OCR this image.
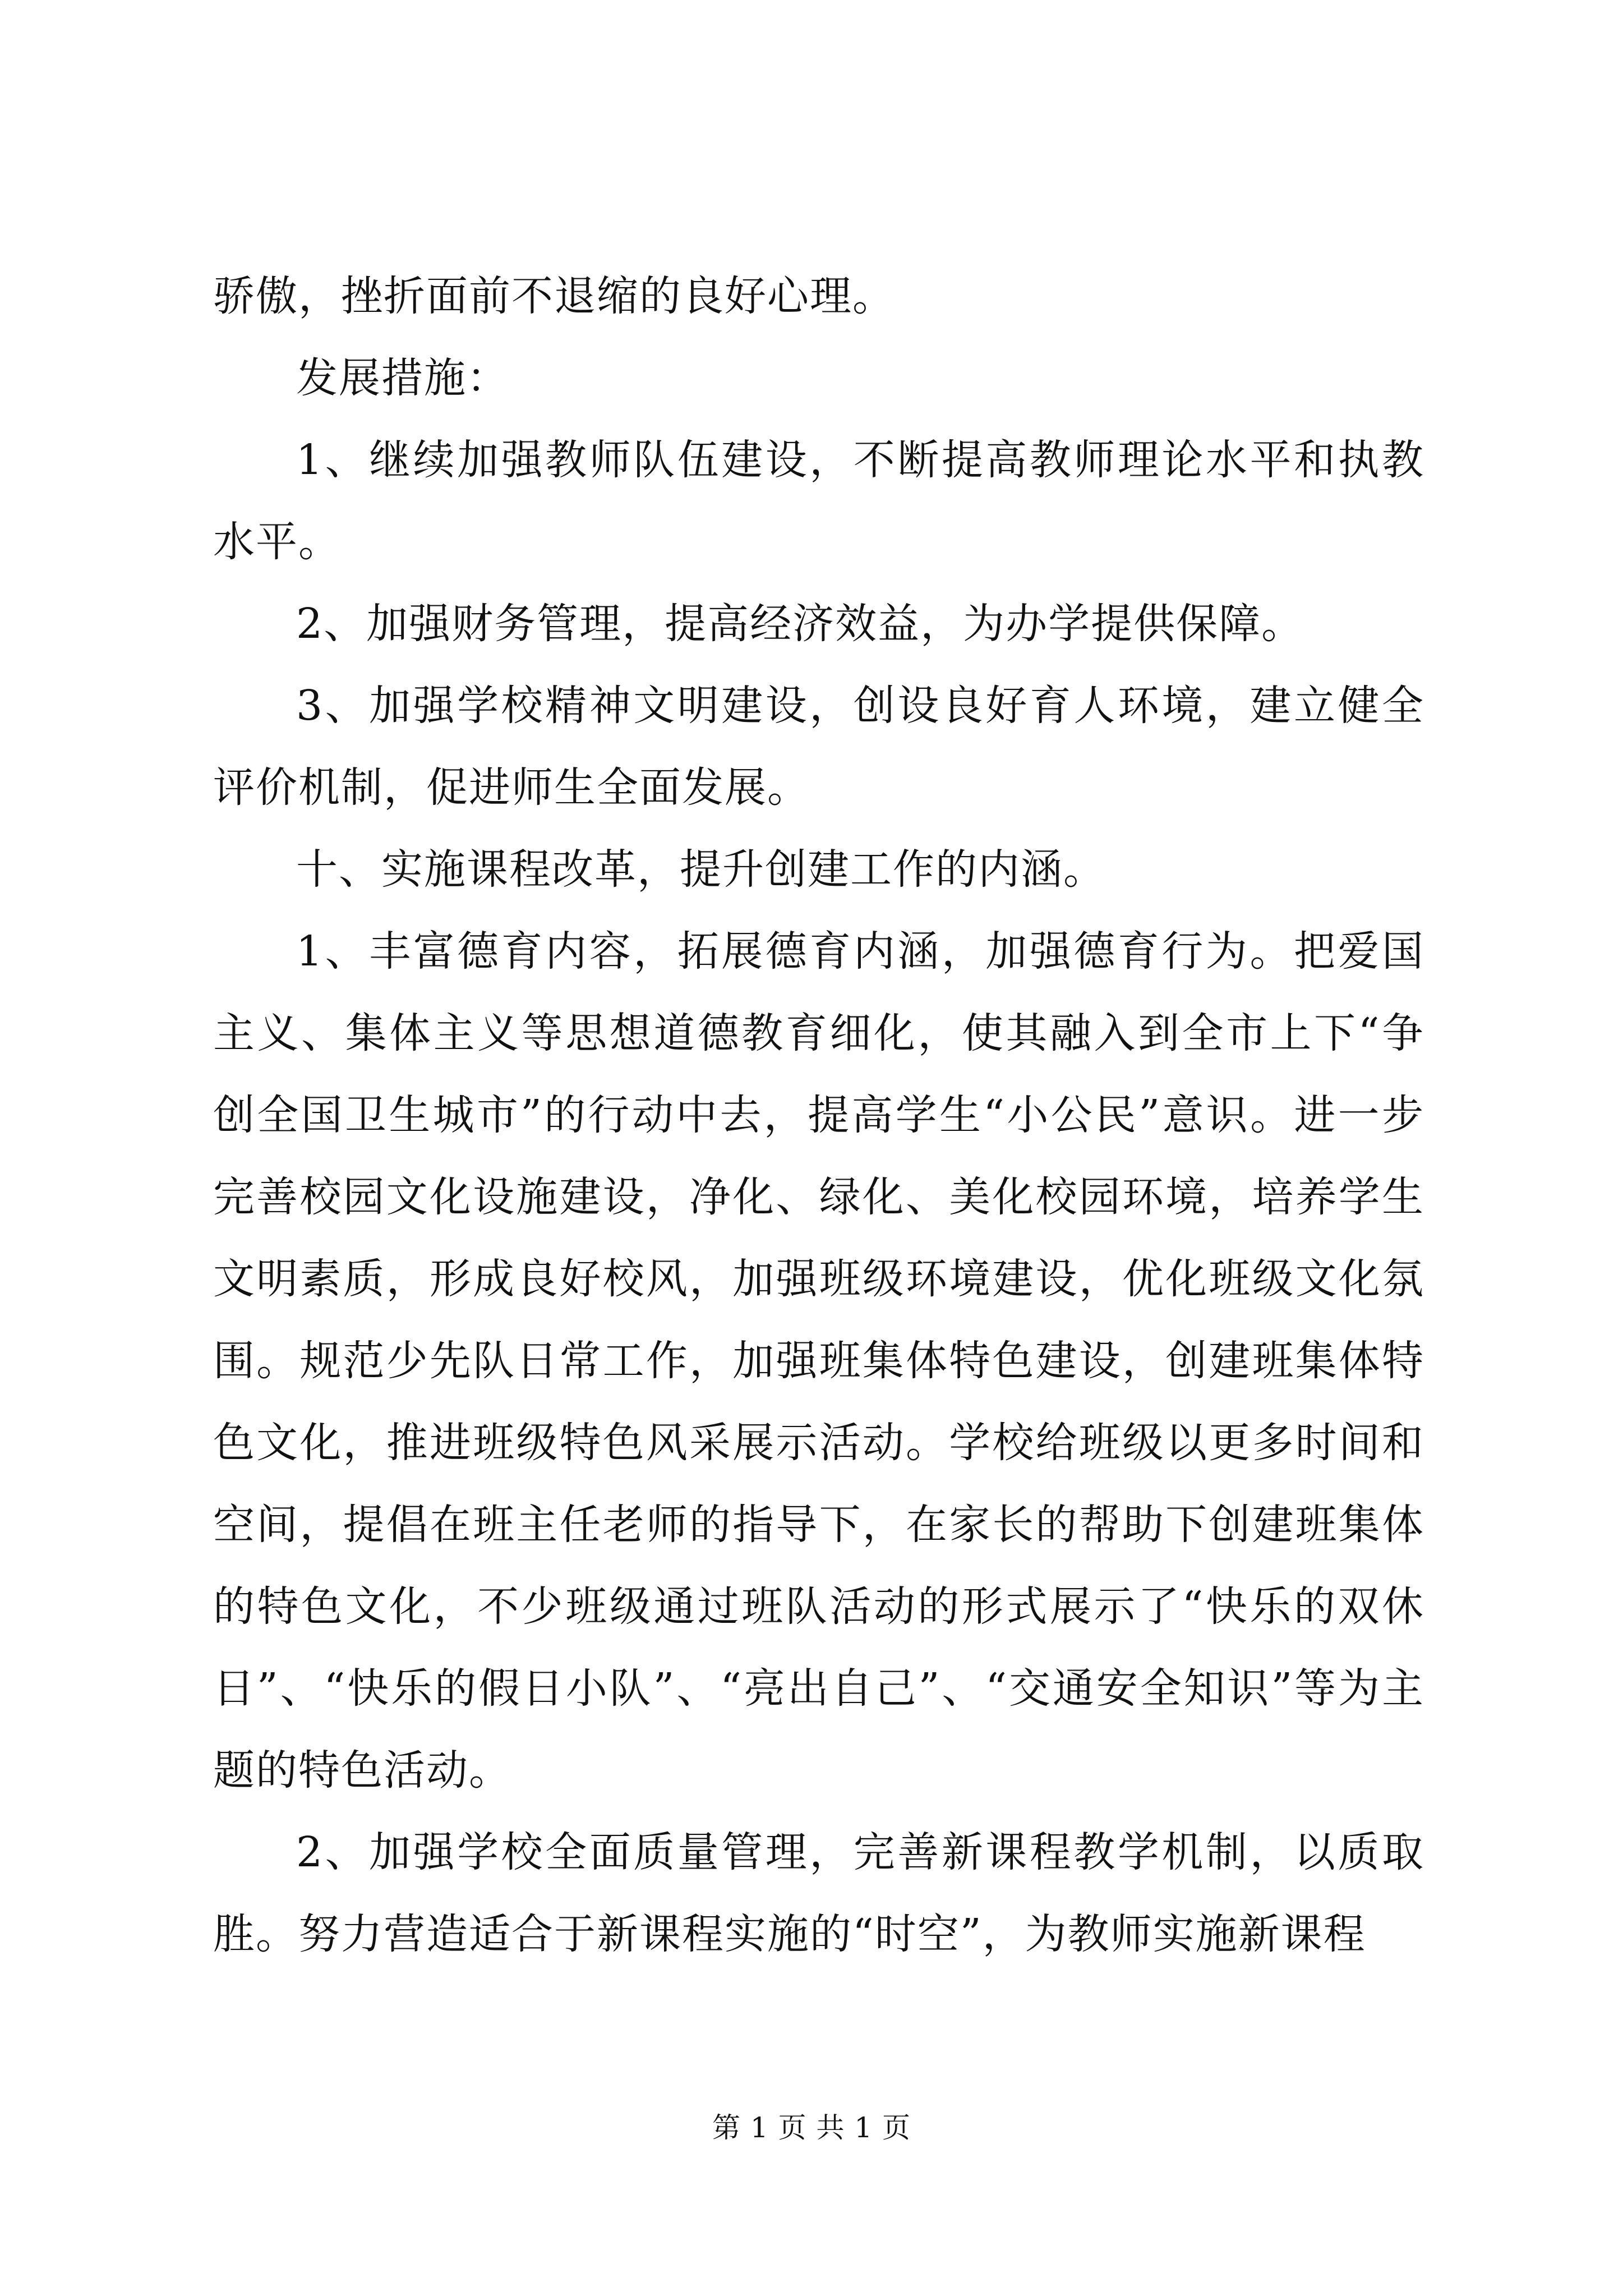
骄傲，挫折面前不退缩的良好心理。

发展措施：

1、继续加强教师队伍建设，不断提高教师理论水平和执教水平。

2、加强财务管理，提高经济效益，为办学提供保障。

3、加强学校精神文明建设，创设良好育人环境，建立健全评价机制，促进师生全面发展。

十、实施课程改革，提升创建工作的内涵。

1、丰富德育内容，拓展德育内涵，加强德育行为。把爱国主义、集体主义等思想道德教育细化，使其融入到全市上下“争创全国卫生城市”的行动中去，提高学生“小公民”意识。进一步完善校园文化设施建设，净化、绿化、美化校园环境，培养学生文明素质，形成良好校风，加强班级环境建设，优化班级文化氛围。规范少先队日常工作，加强班集体特色建设，创建班集体特色文化，推进班级特色风采展示活动。学校给班级以更多时间和空间，提倡在班主任老师的指导下，在家长的帮助下创建班集体的特色文化，不少班级通过班队活动的形式展示了“快乐的双休日”、“快乐的假日小队”、“亮出自己”、“交通安全知识”等为主题的特色活动。

2、加强学校全面质量管理，完善新课程教学机制，以质取胜。努力营造适合于新课程实施的“时空”，为教师实施新课程

第 1 页 共 1 页
